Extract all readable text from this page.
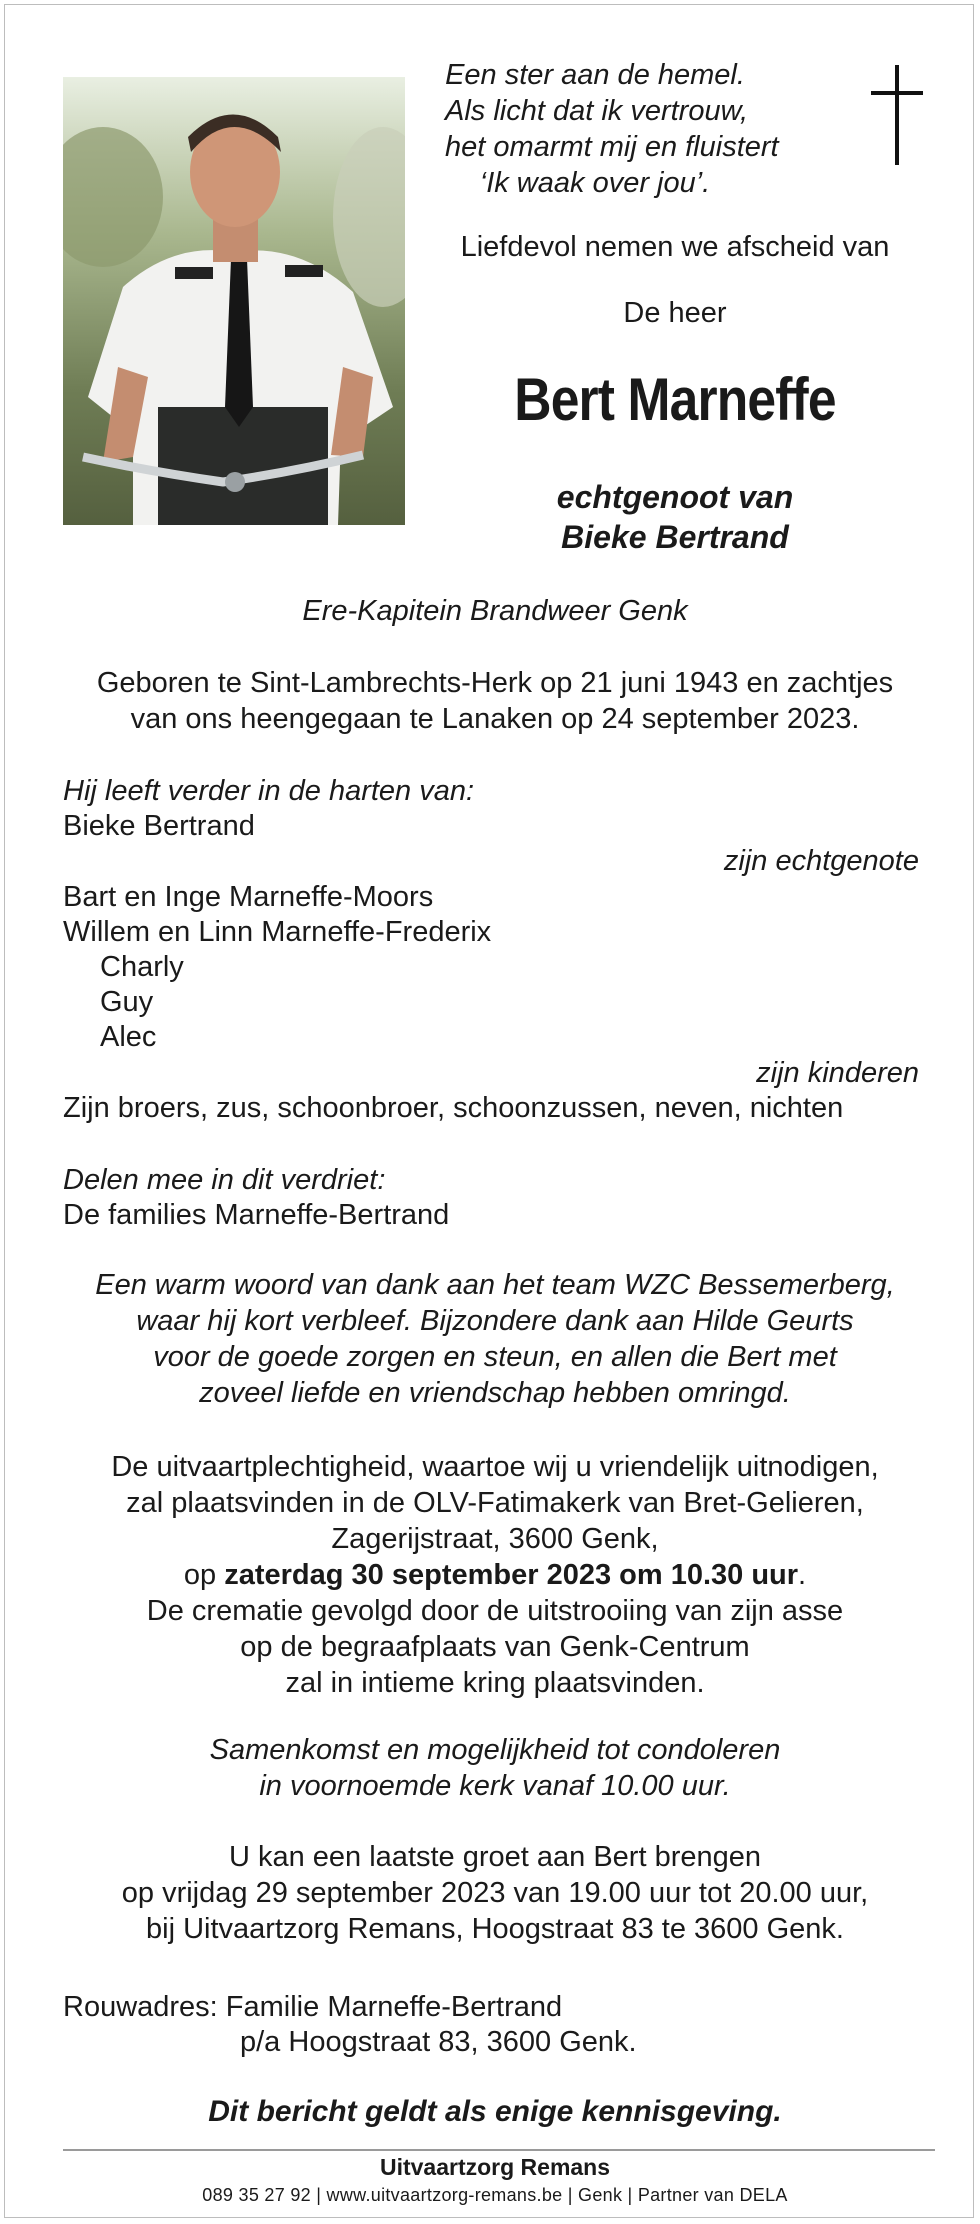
Een ster aan de hemel.
Als licht dat ik vertrouw,
het omarmt mij en fluistert
‘Ik waak over jou’.
Liefdevol nemen we afscheid van
De heer
Bert Marneffe
echtgenoot van
Bieke Bertrand
Ere-Kapitein Brandweer Genk
Geboren te Sint-Lambrechts-Herk op 21 juni 1943 en zachtjes
van ons heengegaan te Lanaken op 24 september 2023.
Hij leeft verder in de harten van:
Bieke Bertrand
zijn echtgenote
Bart en Inge Marneffe-Moors
Willem en Linn Marneffe-Frederix
Charly
Guy
Alec
zijn kinderen
Zijn broers, zus, schoonbroer, schoonzussen, neven, nichten
Delen mee in dit verdriet:
De families Marneffe-Bertrand
Een warm woord van dank aan het team WZC Bessemerberg,
waar hij kort verbleef. Bijzondere dank aan Hilde Geurts
voor de goede zorgen en steun, en allen die Bert met
zoveel liefde en vriendschap hebben omringd.
De uitvaartplechtigheid, waartoe wij u vriendelijk uitnodigen,
zal plaatsvinden in de OLV-Fatimakerk van Bret-Gelieren,
Zagerijstraat, 3600 Genk,
op zaterdag 30 september 2023 om 10.30 uur.
De crematie gevolgd door de uitstrooiing van zijn asse
op de begraafplaats van Genk-Centrum
zal in intieme kring plaatsvinden.
Samenkomst en mogelijkheid tot condoleren
in voornoemde kerk vanaf 10.00 uur.
U kan een laatste groet aan Bert brengen
op vrijdag 29 september 2023 van 19.00 uur tot 20.00 uur,
bij Uitvaartzorg Remans, Hoogstraat 83 te 3600 Genk.
Rouwadres: Familie Marneffe-Bertrand
p/a Hoogstraat 83, 3600 Genk.
Dit bericht geldt als enige kennisgeving.
Uitvaartzorg Remans
089 35 27 92 | www.uitvaartzorg-remans.be | Genk | Partner van DELA
